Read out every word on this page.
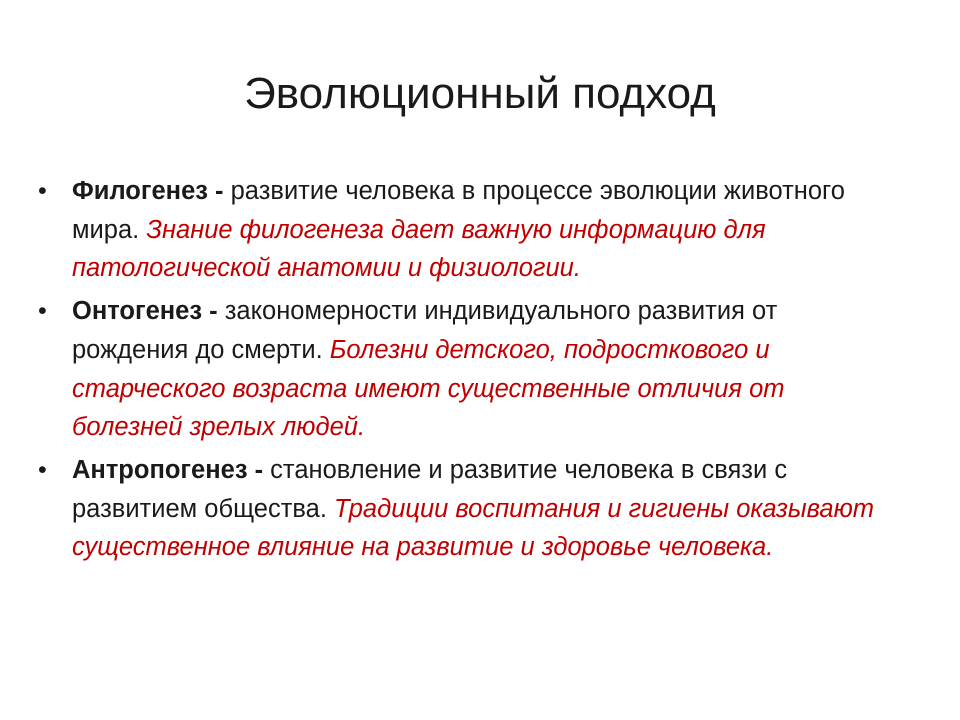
Эволюционный подход
• Филогенез - развитие человека в процессе эволюции животного мира. Знание филогенеза дает важную информацию для патологической анатомии и физиологии.
• Онтогенез - закономерности индивидуального развития от рождения до смерти. Болезни детского, подросткового и старческого возраста имеют существенные отличия от болезней зрелых людей.
• Антропогенез - становление и развитие человека в связи с развитием общества. Традиции воспитания и гигиены оказывают существенное влияние на развитие и здоровье человека.
